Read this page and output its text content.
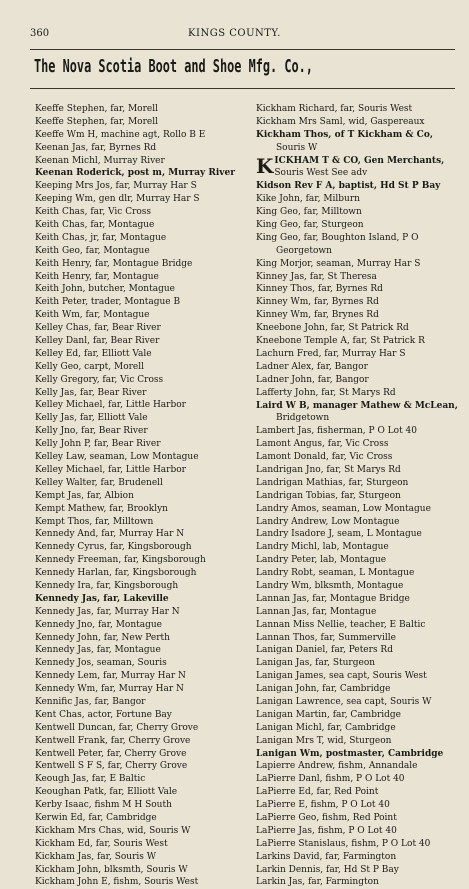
360	KINGS COUNTY.
The Nova Scotia Boot and Shoe Mfg. Co.,
Keeffe Stephen, far, Morell
Keeffe Stephen, far, Morell
Keeffe Wm H, machine agt, Rollo B E
Keenan Jas, far, Byrnes Rd
Keenan Michl, Murray River
Keenan Roderick, post m, Murray River
Keeping Mrs Jos, far, Murray Har S
Keeping Wm, gen dlr, Murray Har S
Keith Chas, far, Vic Cross
Keith Chas, far, Montague
Keith Chas, jr, far, Montague
Keith Geo, far, Montague
Keith Henry, far, Montague Bridge
Keith Henry, far, Montague
Keith John, butcher, Montague
Keith Peter, trader, Montague B
Keith Wm, far, Montague
Kelley Chas, far, Bear River
Kelley Danl, far, Bear River
Kelley Ed, far, Elliott Vale
Kelly Geo, carpt, Morell
Kelly Gregory, far, Vic Cross
Kelly Jas, far, Bear River
Kelley Michael, far, Little Harbor
Kelly Jas, far, Elliott Vale
Kelly Jno, far, Bear River
Kelly John P, far, Bear River
Kelley Law, seaman, Low Montague
Kelley Michael, far, Little Harbor
Kelley Walter, far, Brudenell
Kempt Jas, far, Albion
Kempt Mathew, far, Brooklyn
Kempt Thos, far, Milltown
Kennedy And, far, Murray Har N
Kennedy Cyrus, far, Kingsborough
Kennedy Freeman, far, Kingsborough
Kennedy Harlan, far, Kingsborough
Kennedy Ira, far, Kingsborough
Kennedy Jas, far, Lakeville
Kennedy Jas, far, Murray Har N
Kennedy Jno, far, Montague
Kennedy John, far, New Perth
Kennedy Jas, far, Montague
Kennedy Jos, seaman, Souris
Kennedy Lem, far, Murray Har N
Kennedy Wm, far, Murray Har N
Kennific Jas, far, Bangor
Kent Chas, actor, Fortune Bay
Kentwell Duncan, far, Cherry Grove
Kentwell Frank, far, Cherry Grove
Kentwell Peter, far, Cherry Grove
Kentwell S F S, far, Cherry Grove
Keough Jas, far, E Baltic
Keoughan Patk, far, Elliott Vale
Kerby Isaac, fishm M H South
Kerwin Ed, far, Cambridge
Kickham Mrs Chas, wid, Souris W
Kickham Ed, far, Souris West
Kickham Jas, far, Souris W
Kickham John, blksmth, Souris W
Kickham John E, fishm, Souris West
Kickham Richard, far, Souris West
Kickham Mrs Saml, wid, Gaspereaux
Kickham Thos, of T Kickham & Co,
Souris W
K ICKHAM T & CO, Gen Merchants,
Souris West See adv
Kidson Rev F A, baptist, Hd St P Bay
Kike John, far, Milburn
King Geo, far, Milltown
King Geo, far, Sturgeon
King Geo, far, Boughton Island, P O
Georgetown
King Morjor, seaman, Murray Har S
Kinney Jas, far, St Theresa
Kinney Thos, far, Byrnes Rd
Kinney Wm, far, Byrnes Rd
Kinney Wm, far, Brynes Rd
Kneebone John, far, St Patrick Rd
Kneebone Temple A, far, St Patrick R
Lachurn Fred, far, Murray Har S
Ladner Alex, far, Bangor
Ladner John, far, Bangor
Lafferty John, far, St Marys Rd
Laird W B, manager Mathew & McLean,
Bridgetown
Lambert Jas, fisherman, P O Lot 40
Lamont Angus, far, Vic Cross
Lamont Donald, far, Vic Cross
Landrigan Jno, far, St Marys Rd
Landrigan Mathias, far, Sturgeon
Landrigan Tobias, far, Sturgeon
Landry Amos, seaman, Low Montague
Landry Andrew, Low Montague
Landry Isadore J, seam, L Montague
Landry Michl, lab, Montague
Landry Peter, lab, Montague
Landry Robt, seaman, L Montague
Landry Wm, blksmth, Montague
Lannan Jas, far, Montague Bridge
Lannan Jas, far, Montague
Lannan Miss Nellie, teacher, E Baltic
Lannan Thos, far, Summerville
Lanigan Daniel, far, Peters Rd
Lanigan Jas, far, Sturgeon
Lanigan James, sea capt, Souris West
Lanigan John, far, Cambridge
Lanigan Lawrence, sea capt, Souris W
Lanigan Martin, far, Cambridge
Lanigan Michl, far, Cambridge
Lanigan Mrs T, wid, Sturgeon
Lanigan Wm, postmaster, Cambridge
Lapierre Andrew, fishm, Annandale
LaPierre Danl, fishm, P O Lot 40
LaPierre Ed, far, Red Point
LaPierre E, fishm, P O Lot 40
LaPierre Geo, fishm, Red Point
LaPierre Jas, fishm, P O Lot 40
LaPierre Stanislaus, fishm, P O Lot 40
Larkins David, far, Farmington
Larkin Dennis, far, Hd St P Bay
Larkin Jas, far, Farmington
